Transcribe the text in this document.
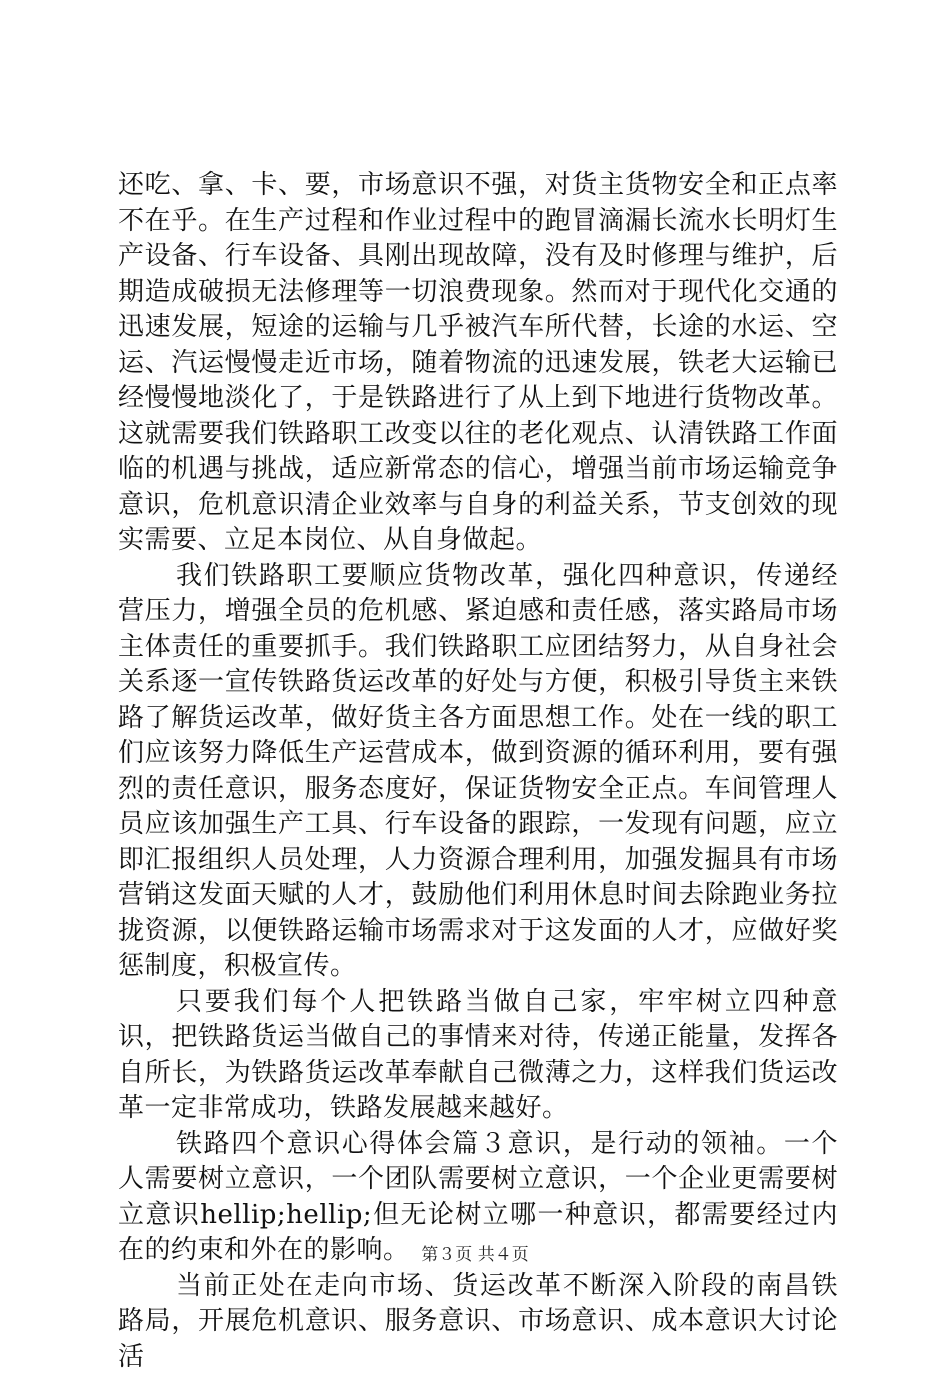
还吃、拿、卡、要，市场意识不强，对货主货物安全和正点率不在乎。在生产过程和作业过程中的跑冒滴漏长流水长明灯生产设备、行车设备、具刚出现故障，没有及时修理与维护，后期造成破损无法修理等一切浪费现象。然而对于现代化交通的迅速发展，短途的运输与几乎被汽车所代替，长途的水运、空运、汽运慢慢走近市场，随着物流的迅速发展，铁老大运输已经慢慢地淡化了，于是铁路进行了从上到下地进行货物改革。这就需要我们铁路职工改变以往的老化观点、认清铁路工作面临的机遇与挑战，适应新常态的信心，增强当前市场运输竞争意识，危机意识清企业效率与自身的利益关系，节支创效的现实需要、立足本岗位、从自身做起。

我们铁路职工要顺应货物改革，强化四种意识，传递经营压力，增强全员的危机感、紧迫感和责任感，落实路局市场主体责任的重要抓手。我们铁路职工应团结努力，从自身社会关系逐一宣传铁路货运改革的好处与方便，积极引导货主来铁路了解货运改革，做好货主各方面思想工作。处在一线的职工们应该努力降低生产运营成本，做到资源的循环利用，要有强烈的责任意识，服务态度好，保证货物安全正点。车间管理人员应该加强生产工具、行车设备的跟踪，一发现有问题，应立即汇报组织人员处理，人力资源合理利用，加强发掘具有市场营销这发面天赋的人才，鼓励他们利用休息时间去除跑业务拉拢资源，以便铁路运输市场需求对于这发面的人才，应做好奖惩制度，积极宣传。

只要我们每个人把铁路当做自己家，牢牢树立四种意识，把铁路货运当做自己的事情来对待，传递正能量，发挥各自所长，为铁路货运改革奉献自己微薄之力，这样我们货运改革一定非常成功，铁路发展越来越好。

铁路四个意识心得体会篇３意识，是行动的领袖。一个人需要树立意识，一个团队需要树立意识，一个企业更需要树立意识hellip;hellip;但无论树立哪一种意识，都需要经过内在的约束和外在的影响。

当前正处在走向市场、货运改革不断深入阶段的南昌铁路局，开展危机意识、服务意识、市场意识、成本意识大讨论活

第３页 共４页
